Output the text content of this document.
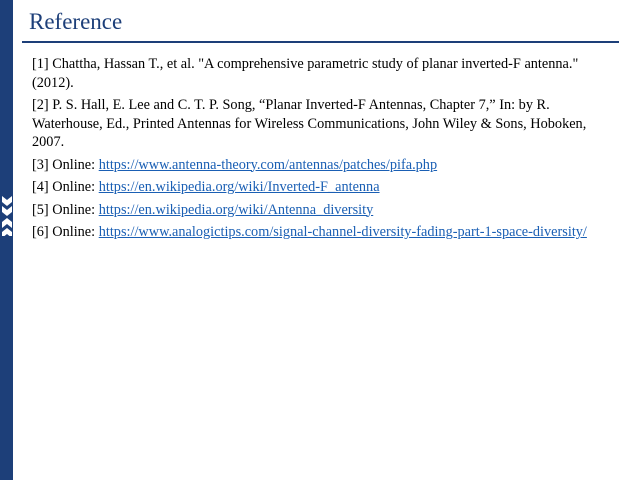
Reference
[1] Chattha, Hassan T., et al. "A comprehensive parametric study of planar inverted-F antenna." (2012).
[2] P. S. Hall, E. Lee and C. T. P. Song, “Planar Inverted-F Antennas, Chapter 7,” In: by R. Waterhouse, Ed., Printed Antennas for Wireless Communications, John Wiley & Sons, Hoboken, 2007.
[3] Online: https://www.antenna-theory.com/antennas/patches/pifa.php
[4] Online: https://en.wikipedia.org/wiki/Inverted-F_antenna
[5] Online: https://en.wikipedia.org/wiki/Antenna_diversity
[6] Online: https://www.analogictips.com/signal-channel-diversity-fading-part-1-space-diversity/
